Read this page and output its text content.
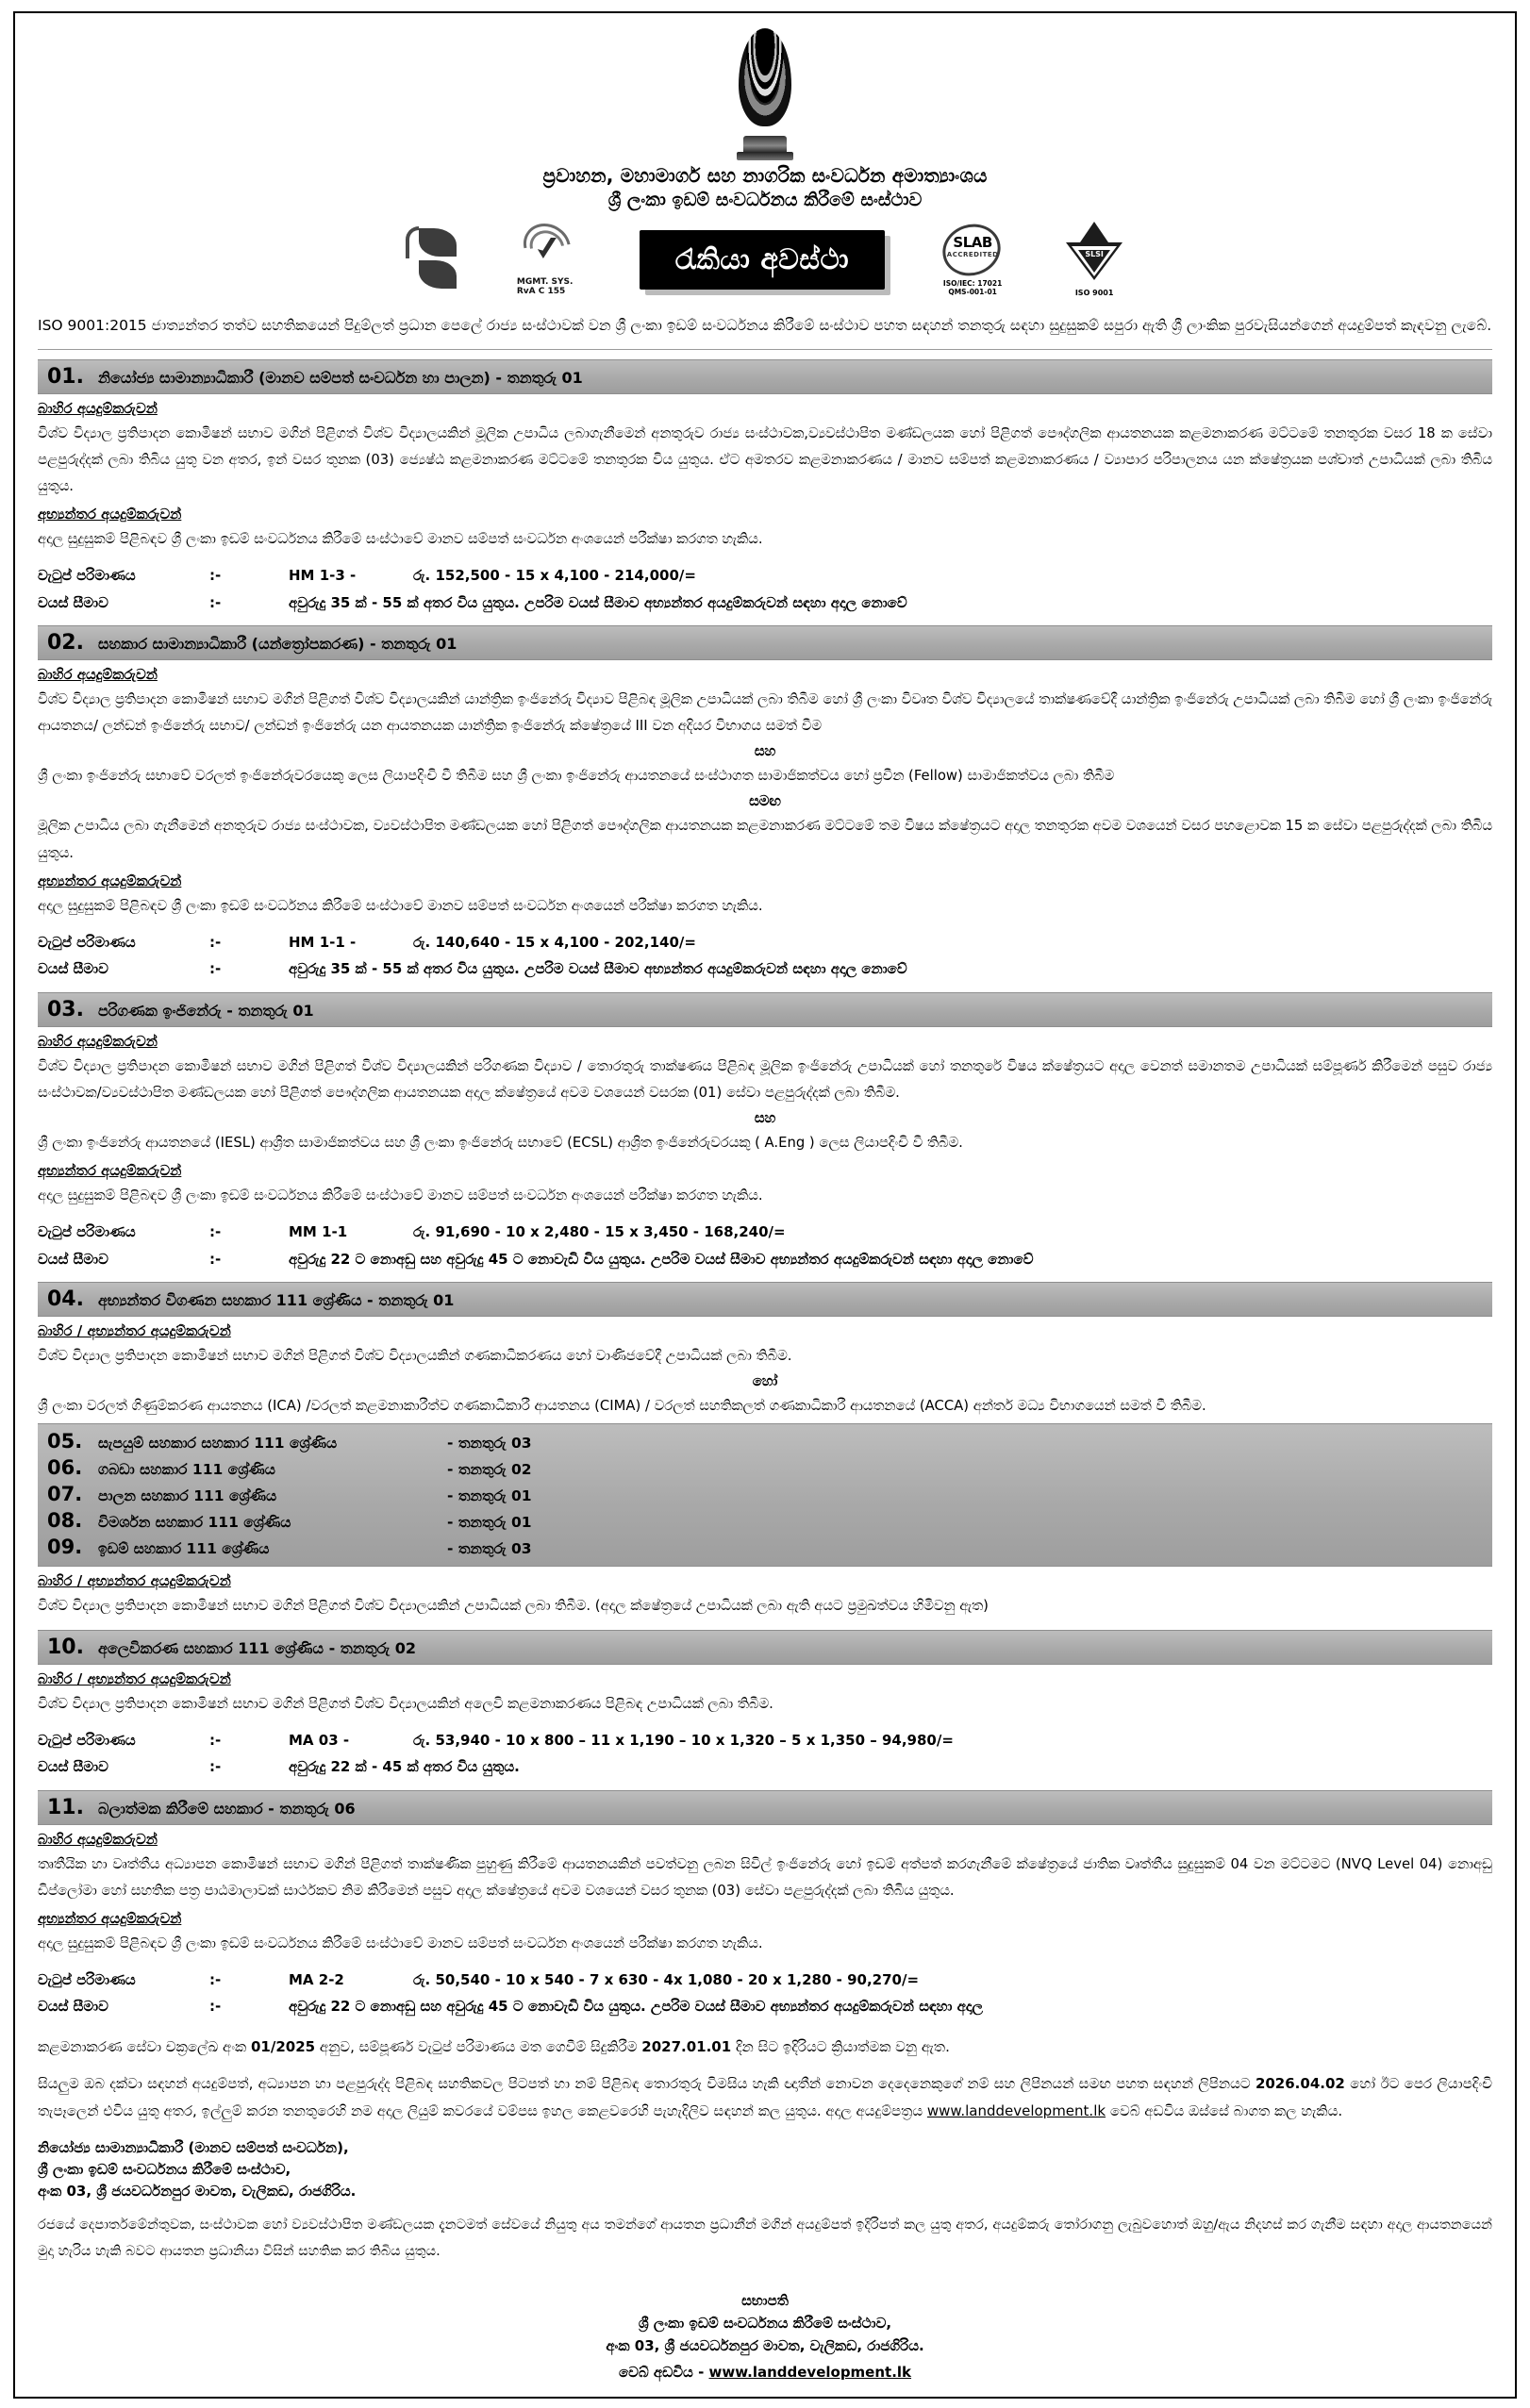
ප්‍රවාහන, මහාමාර්ග සහ නාගරික සංවර්ධන අමාත්‍යාංශය
ශ්‍රී ලංකා ඉඩම් සංවර්ධනය කිරීමේ සංස්ථාව
MGMT. SYS.
RvA C 155
රැකියා අවස්ථා
SLAB
ACCREDITED
ISO/IEC: 17021
QMS-001-01
SLSI
ISO 9001
ISO 9001:2015 ජාත්‍යන්තර තත්ව සහතිකයෙන් පිදුම්ලත් ප්‍රධාන පෙලේ රාජ්‍ය සංස්ථාවක් වන ශ්‍රී ලංකා ඉඩම් සංවර්ධනය කිරීමේ සංස්ථාව පහත සඳහන් තනතුරු සඳහා සුදුසුකම් සපුරා ඇති ශ්‍රී ලාංකික පුරවැසියන්ගෙන් අයදුම්පත් කැඳවනු ලැබේ.
01. නියෝජ්‍ය සාමාන්‍යාධිකාරී (මානව සම්පත් සංවර්ධන හා පාලන) - තනතුරු 01
බාහිර අයදුම්කරුවන්
විශ්ව විද්‍යාල ප්‍රතිපාදන කොමිෂන් සභාව මගින් පිළිගත් විශ්ව විද්‍යාලයකින් මූලික උපාධිය ලබාගැනීමෙන් අනතුරුව රාජ්‍ය සංස්ථාවක,ව්‍යවස්ථාපිත මණ්ඩලයක හෝ පිළිගත් පෞද්ගලික ආයතනයක කළමනාකරණ මට්ටමේ තනතුරක වසර 18 ක සේවා පළපුරුද්දක් ලබා තිබිය යුතු වන අතර, ඉන් වසර තුනක (03) ජ්‍යෙෂ්ඨ කළමනාකරණ මට්ටමේ තනතුරක විය යුතුය. ඒට අමතරව කළමනාකරණය / මානව සම්පත් කළමනාකරණය / ව්‍යාපාර පරිපාලනය යන ක්ෂේත්‍රයක පශ්චාත් උපාධියක් ලබා තිබිය යුතුය.
අභ්‍යන්තර අයදුම්කරුවන්
අදාල සුදුසුකම් පිළිබඳව ශ්‍රී ලංකා ඉඩම් සංවර්ධනය කිරීමේ සංස්ථාවේ මානව සම්පත් සංවර්ධන අංශයෙන් පරීක්ෂා කරගත හැකිය.
වැටුප් පරිමාණය	:-	HM 1-3 -	රු. 152,500 - 15 x 4,100 - 214,000/=
වයස් සීමාව	:-	අවුරුදු 35 ක් - 55 ක් අතර විය යුතුය. උපරිම වයස් සීමාව අභ්‍යන්තර අයදුම්කරුවන් සඳහා අදාල නොවේ
02. සහකාර සාමාන්‍යාධිකාරී (යන්ත්‍රෝපකරණ) - තනතුරු 01
බාහිර අයදුම්කරුවන්
විශ්ව විද්‍යාල ප්‍රතිපාදන කොමිෂන් සභාව මගින් පිළිගත් විශ්ව විද්‍යාලයකින් යාන්ත්‍රික ඉංජිනේරු විද්‍යාව පිළිබඳ මූලික උපාධියක් ලබා තිබීම හෝ ශ්‍රී ලංකා විවෘත විශ්ව විද්‍යාලයේ තාක්ෂණවේදී යාන්ත්‍රික ඉංජිනේරු උපාධියක් ලබා තිබීම හෝ ශ්‍රී ලංකා ඉංජිනේරු ආයතනය/ ලන්ඩන් ඉංජිනේරු සභාව/ ලන්ඩන් ඉංජිනේරු යන ආයතනයක යාන්ත්‍රික ඉංජිනේරු ක්ෂේත්‍රයේ III වන අදියර විභාගය සමත් වීම
සහ
ශ්‍රී ලංකා ඉංජිනේරු සභාවේ වරලත් ඉංජිනේරුවරයෙකු ලෙස ලියාපදිංචි වී තිබීම සහ ශ්‍රී ලංකා ඉංජිනේරු ආයතනයේ සංස්ථාගත සාමාජිකත්වය හෝ ප්‍රවීන (Fellow) සාමාජිකත්වය ලබා තිබීම
සමඟ
මූලික උපාධිය ලබා ගැනීමෙන් අනතුරුව රාජ්‍ය සංස්ථාවක, ව්‍යවස්ථාපිත මණ්ඩලයක හෝ පිළිගත් පෞද්ගලික ආයතනයක කළමනාකරණ මට්ටමේ තම විෂය ක්ෂේත්‍රයට අදාල තනතුරක අවම වශයෙන් වසර පහළොවක 15 ක සේවා පළපුරුද්දක් ලබා තිබිය යුතුය.
අභ්‍යන්තර අයදුම්කරුවන්
අදාල සුදුසුකම් පිළිබඳව ශ්‍රී ලංකා ඉඩම් සංවර්ධනය කිරීමේ සංස්ථාවේ මානව සම්පත් සංවර්ධන අංශයෙන් පරීක්ෂා කරගත හැකිය.
වැටුප් පරිමාණය	:-	HM 1-1 -	රු. 140,640 - 15 x 4,100 - 202,140/=
වයස් සීමාව	:-	අවුරුදු 35 ක් - 55 ක් අතර විය යුතුය. උපරිම වයස් සීමාව අභ්‍යන්තර අයදුම්කරුවන් සඳහා අදාල නොවේ
03. පරිගණක ඉංජිනේරු - තනතුරු 01
බාහිර අයදුම්කරුවන්
විශ්ව විද්‍යාල ප්‍රතිපාදන කොමිෂන් සභාව මගින් පිළිගත් විශ්ව විද්‍යාලයකින් පරිගණක විද්‍යාව / තොරතුරු තාක්ෂණය පිළිබඳ මූලික ඉංජිනේරු උපාධියක් හෝ තනතුරේ විෂය ක්ෂේත්‍රයට අදාල වෙනත් සමානතම උපාධියක් සම්පූර්ණ කිරීමෙන් පසුව රාජ්‍ය සංස්ථාවක/ව්‍යවස්ථාපිත මණ්ඩලයක හෝ පිළිගත් පෞද්ගලික ආයතනයක අදාල ක්ෂේත්‍රයේ අවම වශයෙන් වසරක (01) සේවා පළපුරුද්දක් ලබා තිබීම.
සහ
ශ්‍රී ලංකා ඉංජිනේරු ආයතනයේ (IESL) ආශ්‍රිත සාමාජිකත්වය සහ ශ්‍රී ලංකා ඉංජිනේරු සභාවේ (ECSL) ආශ්‍රිත ඉංජිනේරුවරයකු ( A.Eng ) ලෙස ලියාපදිංචි වී තිබීම.
අභ්‍යන්තර අයදුම්කරුවන්
අදාල සුදුසුකම් පිළිබඳව ශ්‍රී ලංකා ඉඩම් සංවර්ධනය කිරීමේ සංස්ථාවේ මානව සම්පත් සංවර්ධන අංශයෙන් පරීක්ෂා කරගත හැකිය.
වැටුප් පරිමාණය	:-	MM 1-1	රු. 91,690 - 10 x 2,480 - 15 x 3,450 - 168,240/=
වයස් සීමාව	:-	අවුරුදු 22 ට නොඅඩු සහ අවුරුදු 45 ට නොවැඩි විය යුතුය. උපරිම වයස් සීමාව අභ්‍යන්තර අයදුම්කරුවන් සඳහා අදාල නොවේ
04. අභ්‍යන්තර විගණන සහකාර 111 ශ්‍රේණිය - තනතුරු 01
බාහිර / අභ්‍යන්තර අයදුම්කරුවන්
විශ්ව විද්‍යාල ප්‍රතිපාදන කොමිෂන් සභාව මගින් පිළිගත් විශ්ව විද්‍යාලයකින් ගණකාධිකරණය හෝ වාණිජවේදී උපාධියක් ලබා තිබීම.
හෝ
ශ්‍රී ලංකා වරලත් ගිණුම්කරණ ආයතනය (ICA) /වරලත් කළමනාකාරීත්ව ගණකාධිකාරී ආයතනය (CIMA) / වරලත් සහතිකලත් ගණකාධිකාරී ආයතනයේ (ACCA) අන්තර් මධ්‍ය විභාගයෙන් සමත් වී තිබීම.
05.	සැපයුම් සහකාර සහකාර 111 ශ්‍රේණිය	- තනතුරු 03
06.	ගබඩා සහකාර 111 ශ්‍රේණිය	- තනතුරු 02
07.	පාලන සහකාර 111 ශ්‍රේණිය	- තනතුරු 01
08.	විමර්ශන සහකාර 111 ශ්‍රේණිය	- තනතුරු 01
09.	ඉඩම් සහකාර 111 ශ්‍රේණිය	- තනතුරු 03
බාහිර / අභ්‍යන්තර අයදුම්කරුවන්
විශ්ව විද්‍යාල ප්‍රතිපාදන කොමිෂන් සභාව මගින් පිළිගත් විශ්ව විද්‍යාලයකින් උපාධියක් ලබා තිබීම. (අදාල ක්ෂේත්‍රයේ උපාධියක් ලබා ඇති අයට ප්‍රමුඛත්වය හිමිවනු ඇත)
10. අලෙවිකරණ සහකාර 111 ශ්‍රේණිය - තනතුරු 02
බාහිර / අභ්‍යන්තර අයදුම්කරුවන්
විශ්ව විද්‍යාල ප්‍රතිපාදන කොමිෂන් සභාව මගින් පිළිගත් විශ්ව විද්‍යාලයකින් අලෙවි කළමනාකරණය පිළිබඳ උපාධියක් ලබා තිබීම.
වැටුප් පරිමාණය	:-	MA 03 -	රු. 53,940 - 10 x 800 – 11 x 1,190 – 10 x 1,320 – 5 x 1,350 – 94,980/=
වයස් සීමාව	:-	අවුරුදු 22 ක් - 45 ක් අතර විය යුතුය.
11. බලාත්මක කිරීමේ සහකාර - තනතුරු 06
බාහිර අයදුම්කරුවන්
තෘතීයික හා වෘත්තීය අධ්‍යාපන කොමිෂන් සභාව මගින් පිළිගත් තාක්ෂණික පුහුණු කිරීමේ ආයතනයකින් පවත්වනු ලබන සිවිල් ඉංජිනේරු හෝ ඉඩම් අත්පත් කරගැනීමේ ක්ෂේත්‍රයේ ජාතික වෘත්තීය සුදුසුකම් 04 වන මට්ටමට (NVQ Level 04) නොඅඩු ඩිප්ලෝමා හෝ සහතික පත්‍ර පාඨමාලාවක් සාර්ථකව නිම කිරීමෙන් පසුව අදාල ක්ෂේත්‍රයේ අවම වශයෙන් වසර තුනක (03) සේවා පළපුරුද්දක් ලබා තිබිය යුතුය.
අභ්‍යන්තර අයදුම්කරුවන්
අදාල සුදුසුකම් පිළිබඳව ශ්‍රී ලංකා ඉඩම් සංවර්ධනය කිරීමේ සංස්ථාවේ මානව සම්පත් සංවර්ධන අංශයෙන් පරීක්ෂා කරගත හැකිය.
වැටුප් පරිමාණය	:-	MA 2-2	රු. 50,540 - 10 x 540 - 7 x 630 - 4x 1,080 - 20 x 1,280 - 90,270/=
වයස් සීමාව	:-	අවුරුදු 22 ට නොඅඩු සහ අවුරුදු 45 ට නොවැඩි විය යුතුය. උපරිම වයස් සීමාව අභ්‍යන්තර අයදුම්කරුවන් සඳහා අදාල

කළමනාකරණ සේවා චක්‍රලේඛ අංක 01/2025 අනුව, සම්පූර්ණ වැටුප් පරිමාණය මත ගෙවීම් සිදුකිරීම 2027.01.01 දින සිට ඉදිරියට ක්‍රියාත්මක වනු ඇත.

සියලුම ඔබ දක්වා සඳහන් අයදුම්පත්, අධ්‍යාපන හා පළපුරුද්ද පිළිබඳ සහතිකවල පිටපත් හා නම් පිළිබඳ තොරතුරු විමසිය හැකි ඥාතීන් නොවන දෙදෙනෙකුගේ නම් සහ ලිපිනයන් සමඟ පහත සඳහන් ලිපිනයට 2026.04.02 හෝ ඊට පෙර ලියාපදිංචි තැපෑලෙන් එවිය යුතු අතර, ඉල්ලුම් කරන තනතුරෙහි නම අදාල ලියුම් කවරයේ වම්පස ඉහල කෙළවරෙහි පැහැදිලිව සඳහන් කල යුතුය. අදාල අයදුම්පත්‍රය www.landdevelopment.lk වෙබ් අඩවිය ඔස්සේ බාගත කල හැකිය.

නියෝජ්‍ය සාමාන්‍යාධිකාරී (මානව සම්පත් සංවර්ධන),
ශ්‍රී ලංකා ඉඩම් සංවර්ධනය කිරීමේ සංස්ථාව,
අංක 03, ශ්‍රී ජයවර්ධනපුර මාවත, වැලිකඩ, රාජගිරිය.
රජයේ දෙපාර්තමේන්තුවක, සංස්ථාවක හෝ ව්‍යවස්ථාපිත මණ්ඩලයක දැනටමත් සේවයේ නියුතු අය තමන්ගේ ආයතන ප්‍රධානීන් මගින් අයදුම්පත් ඉදිරිපත් කල යුතු අතර, අයදුම්කරු තෝරාගනු ලැබුවහොත් ඔහු/ඇය නිදහස් කර ගැනීම සඳහා අදාල ආයතනයෙන් මුදා හැරිය හැකි බවට ආයතන ප්‍රධානියා විසින් සහතික කර තිබිය යුතුය.
සභාපති
ශ්‍රී ලංකා ඉඩම් සංවර්ධනය කිරීමේ සංස්ථාව,
අංක 03, ශ්‍රී ජයවර්ධනපුර මාවත, වැලිකඩ, රාජගිරිය.
වෙබ් අඩවිය - www.landdevelopment.lk
